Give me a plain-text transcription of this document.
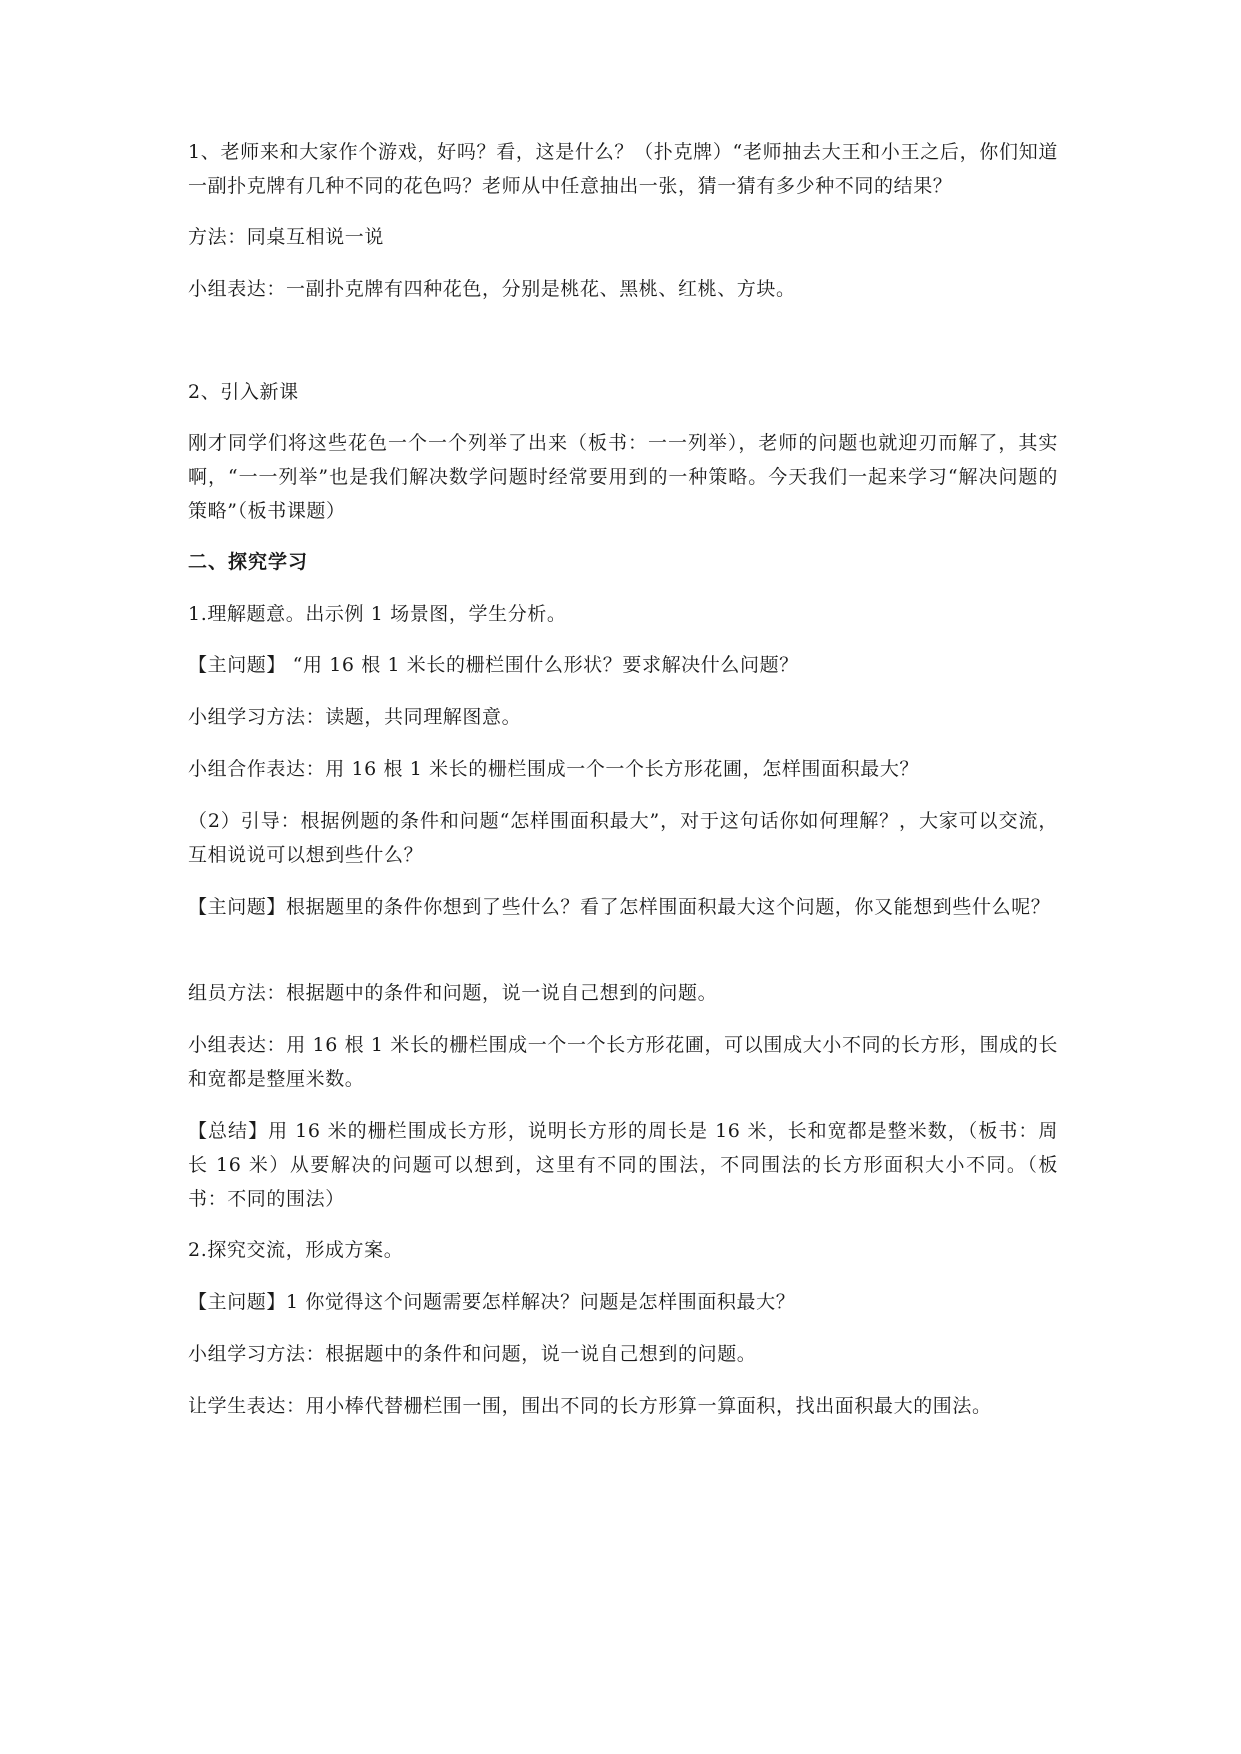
1、老师来和大家作个游戏，好吗？看，这是什么？（扑克牌）“老师抽去大王和小王之后，你们知道一副扑克牌有几种不同的花色吗？老师从中任意抽出一张，猜一猜有多少种不同的结果？

方法：同桌互相说一说

小组表达：一副扑克牌有四种花色，分别是桃花、黑桃、红桃、方块。

2、引入新课

刚才同学们将这些花色一个一个列举了出来（板书：一一列举），老师的问题也就迎刃而解了，其实啊，“一一列举”也是我们解决数学问题时经常要用到的一种策略。今天我们一起来学习“解决问题的策略”（板书课题）

二、探究学习

1.理解题意。出示例 1 场景图，学生分析。

【主问题】 “用 16 根 1 米长的栅栏围什么形状？要求解决什么问题？

小组学习方法：读题，共同理解图意。

小组合作表达：用 16 根 1 米长的栅栏围成一个一个长方形花圃，怎样围面积最大？

（2）引导：根据例题的条件和问题“怎样围面积最大”，对于这句话你如何理解？，大家可以交流，互相说说可以想到些什么？

【主问题】根据题里的条件你想到了些什么？看了怎样围面积最大这个问题，你又能想到些什么呢？

组员方法：根据题中的条件和问题，说一说自己想到的问题。

小组表达：用 16 根 1 米长的栅栏围成一个一个长方形花圃，可以围成大小不同的长方形，围成的长和宽都是整厘米数。

【总结】用 16 米的栅栏围成长方形，说明长方形的周长是 16 米，长和宽都是整米数，（板书：周长 16 米）从要解决的问题可以想到，这里有不同的围法，不同围法的长方形面积大小不同。（板书：不同的围法）

2.探究交流，形成方案。

【主问题】1 你觉得这个问题需要怎样解决？问题是怎样围面积最大？

小组学习方法：根据题中的条件和问题，说一说自己想到的问题。

让学生表达：用小棒代替栅栏围一围，围出不同的长方形算一算面积，找出面积最大的围法。
